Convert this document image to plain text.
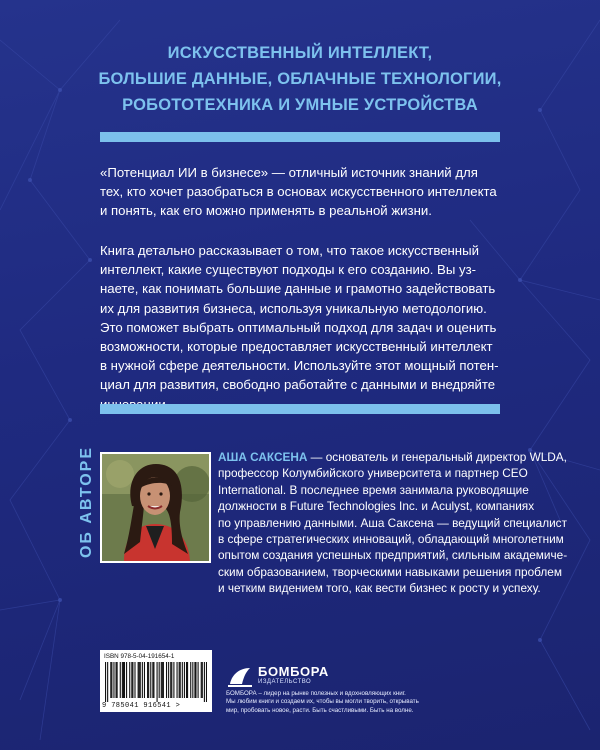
ИСКУССТВЕННЫЙ ИНТЕЛЛЕКТ,
БОЛЬШИЕ ДАННЫЕ, ОБЛАЧНЫЕ ТЕХНОЛОГИИ,
РОБОТОТЕХНИКА И УМНЫЕ УСТРОЙСТВА
«Потенциал ИИ в бизнесе» — отличный источник знаний для
тех, кто хочет разобраться в основах искусственного интеллекта
и понять, как его можно применять в реальной жизни.
Книга детально рассказывает о том, что такое искусственный
интеллект, какие существуют подходы к его созданию. Вы уз-
наете, как понимать большие данные и грамотно задействовать
их для развития бизнеса, используя уникальную методологию.
Это поможет выбрать оптимальный подход для задач и оценить
возможности, которые предоставляет искусственный интеллект
в нужной сфере деятельности. Используйте этот мощный потен-
циал для развития, свободно работайте с данными и внедряйте
ОБ АВТОРЕ	АША САКСЕНА — основатель и генеральный директор WLDA,
профессор Колумбийского университета и партнер CEO
International. В последнее время занимала руководящие
должности в Future Technologies Inc. и Aculyst, компаниях
по управлению данными. Аша Саксена — ведущий специалист
в сфере стратегических инноваций, обладающий многолетним
опытом создания успешных предприятий, сильным академиче-
ским образованием, творческими навыками решения проблем
и четким видением того, как вести бизнес к росту и успеху.
ISBN 978-5-04-191654-1
9 785041 916541 >
БОМБОРА
ИЗДАТЕЛЬСТВО
БОМБОРА – лидер на рынке полезных и вдохновляющих книг.
Мы любим книги и создаем их, чтобы вы могли творить, открывать
мир, пробовать новое, расти. Быть счастливыми. Быть на волне.
